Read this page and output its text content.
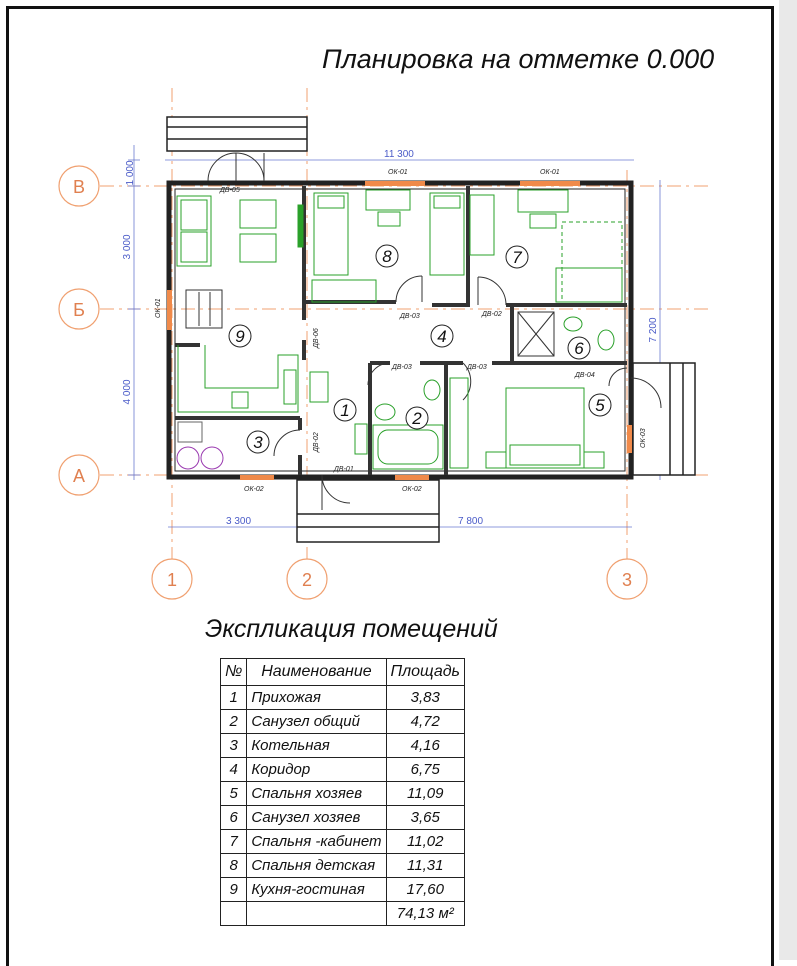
Планировка на отметке 0.000
В
Б
А
1	2	3
11 300
1 000
3 000
4 000
7 200
3 300	7 800
1	2
3
4
5
6
7
8
9
ОК-01	ОК-01
ОК-01
ДВ-05
ДВ-06
ДВ-03	ДВ-02
ДВ-03	ДВ-03
ДВ-04
ДВ-02
ДВ-01
ОК-02	ОК-02
ОК-03
Экспликация помещений
№	Наименование	Площадь
1	Прихожая	3,83
2	Санузел общий	4,72
3	Котельная	4,16
4	Коридор	6,75
5	Спальня хозяев	11,09
6	Санузел хозяев	3,65
7	Спальня -кабинет	11,02
8	Спальня детская	11,31
9	Кухня-гостиная	17,60
		74,13 м²
